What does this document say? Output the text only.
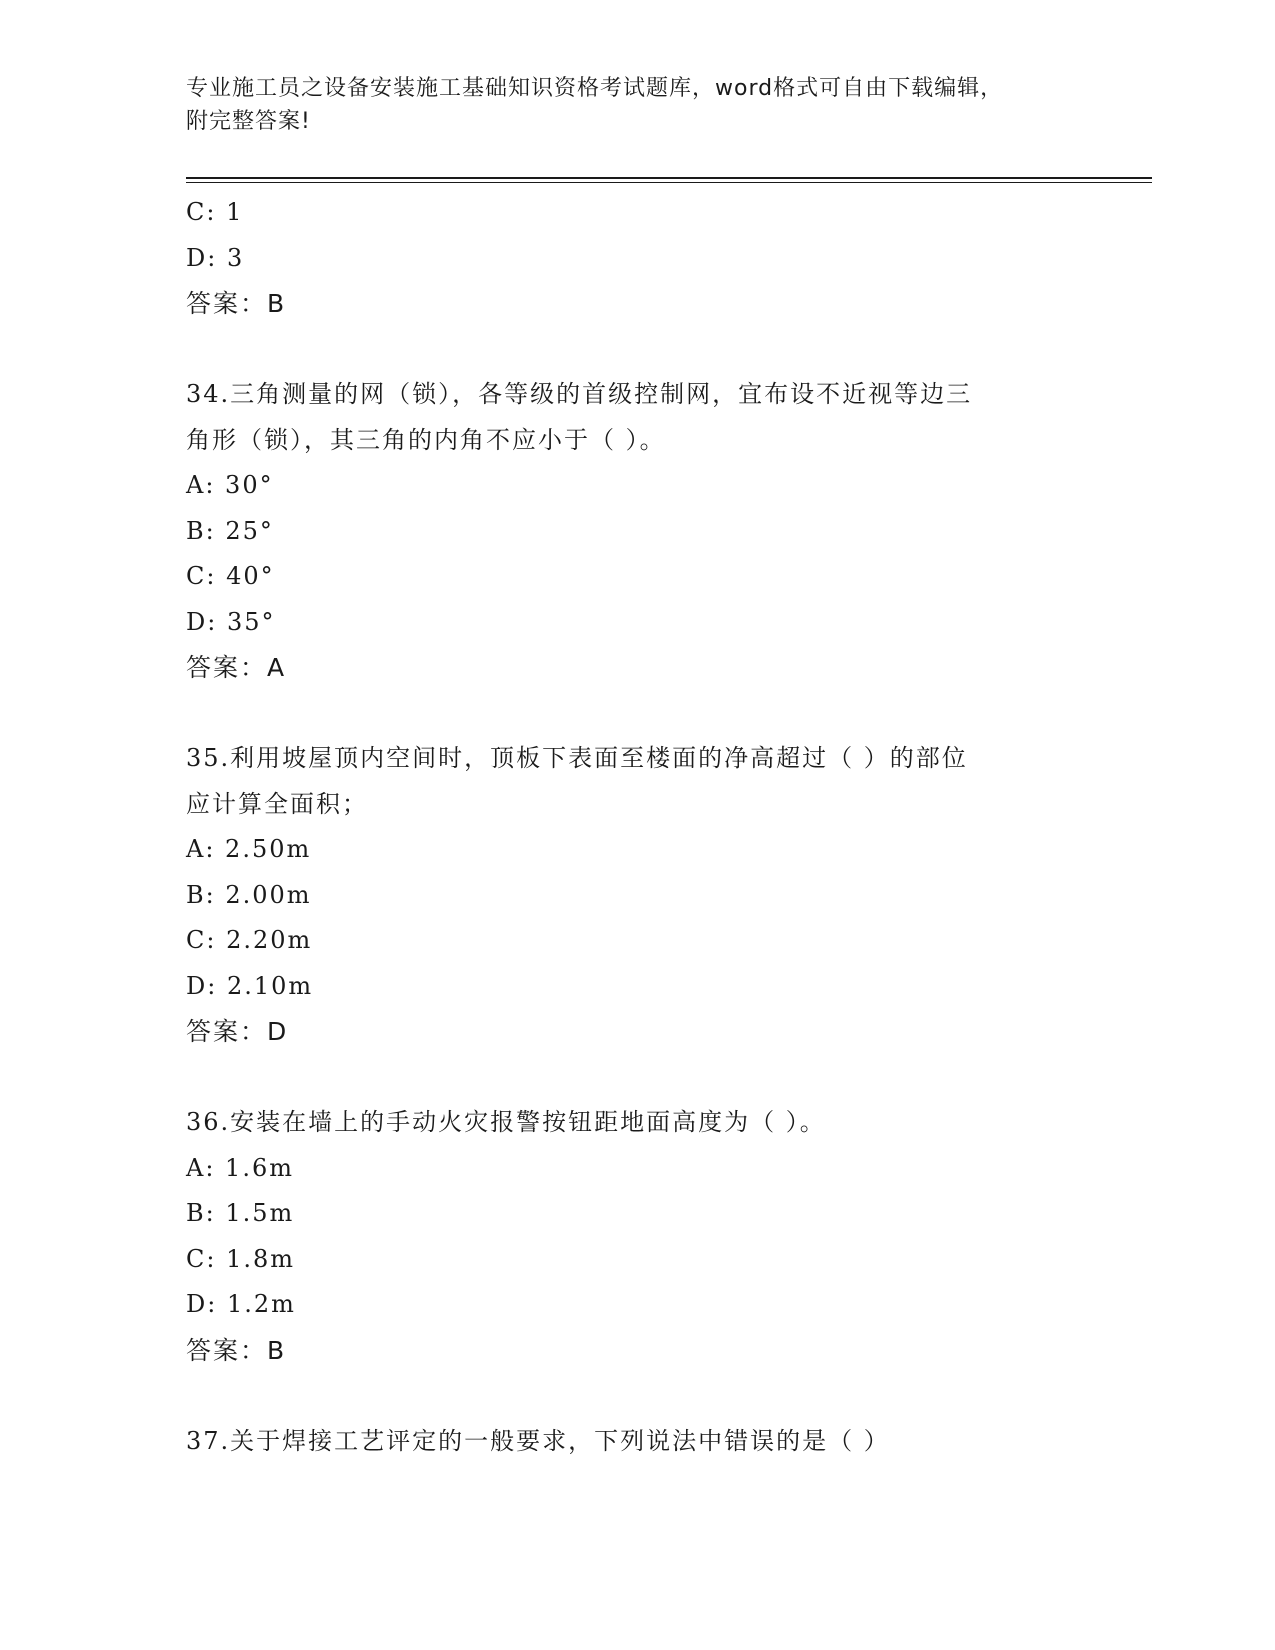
专业施工员之设备安装施工基础知识资格考试题库，word格式可自由下载编辑，
附完整答案!
C: 1
D: 3
答案：B
34.三角测量的网（锁），各等级的首级控制网，宜布设不近视等边三
角形（锁），其三角的内角不应小于（ ）。
A: 30°
B: 25°
C: 40°
D: 35°
答案：A
35.利用坡屋顶内空间时，顶板下表面至楼面的净高超过（ ）的部位
应计算全面积；
A: 2.50m
B: 2.00m
C: 2.20m
D: 2.10m
答案：D
36.安装在墙上的手动火灾报警按钮距地面高度为（ ）。
A: 1.6m
B: 1.5m
C: 1.8m
D: 1.2m
答案：B
37.关于焊接工艺评定的一般要求，下列说法中错误的是（ ）
